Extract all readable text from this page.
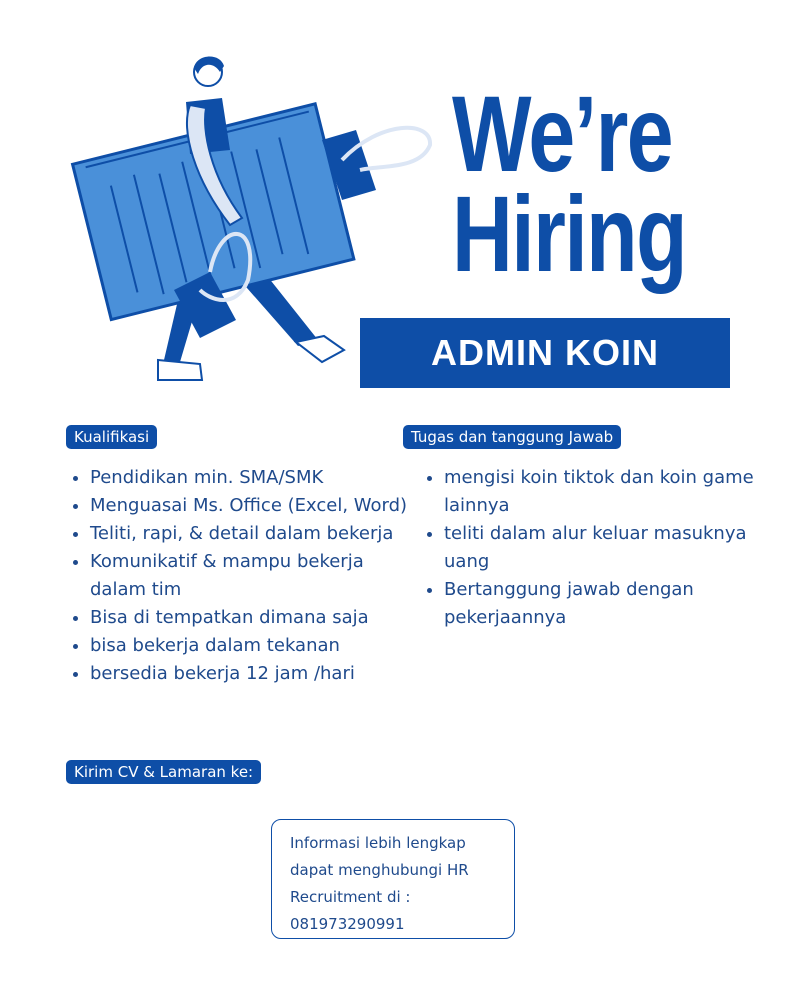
We’re
Hiring
ADMIN KOIN
Kualifikasi
• Pendidikan min. SMA/SMK
• Menguasai Ms. Office (Excel, Word)
• Teliti, rapi, & detail dalam bekerja
• Komunikatif & mampu bekerja dalam tim
• Bisa di tempatkan dimana saja
• bisa bekerja dalam tekanan
• bersedia bekerja 12 jam /hari
Tugas dan tanggung Jawab
• mengisi koin tiktok dan koin game lainnya
• teliti dalam alur keluar masuknya uang
• Bertanggung jawab dengan pekerjaannya
Kirim CV & Lamaran ke:
Informasi lebih lengkap dapat menghubungi HR Recruitment di :
081973290991
